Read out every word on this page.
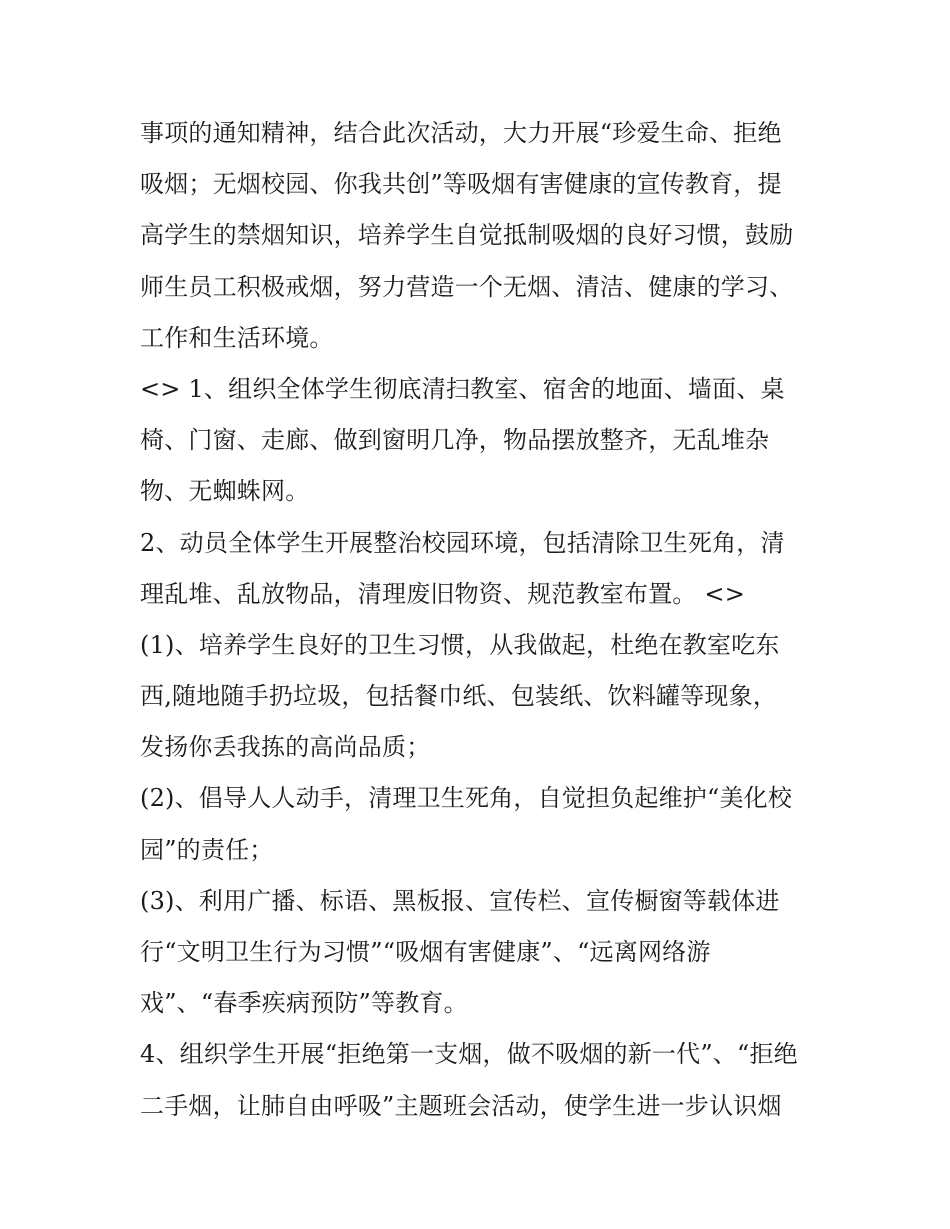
事项的通知精神，结合此次活动，大力开展“珍爱生命、拒绝
吸烟；无烟校园、你我共创”等吸烟有害健康的宣传教育，提
高学生的禁烟知识，培养学生自觉抵制吸烟的良好习惯，鼓励
师生员工积极戒烟，努力营造一个无烟、清洁、健康的学习、
工作和生活环境。
<> 1、组织全体学生彻底清扫教室、宿舍的地面、墙面、桌
椅、门窗、走廊、做到窗明几净，物品摆放整齐，无乱堆杂
物、无蜘蛛网。
2、动员全体学生开展整治校园环境，包括清除卫生死角，清
理乱堆、乱放物品，清理废旧物资、规范教室布置。 <>
(1)、培养学生良好的卫生习惯，从我做起，杜绝在教室吃东
西,随地随手扔垃圾，包括餐巾纸、包装纸、饮料罐等现象，
发扬你丢我拣的高尚品质；
(2)、倡导人人动手，清理卫生死角，自觉担负起维护“美化校
园”的责任；
(3)、利用广播、标语、黑板报、宣传栏、宣传橱窗等载体进
行“文明卫生行为习惯”“吸烟有害健康”、“远离网络游
戏”、“春季疾病预防”等教育。
4、组织学生开展“拒绝第一支烟，做不吸烟的新一代”、“拒绝
二手烟，让肺自由呼吸”主题班会活动，使学生进一步认识烟
